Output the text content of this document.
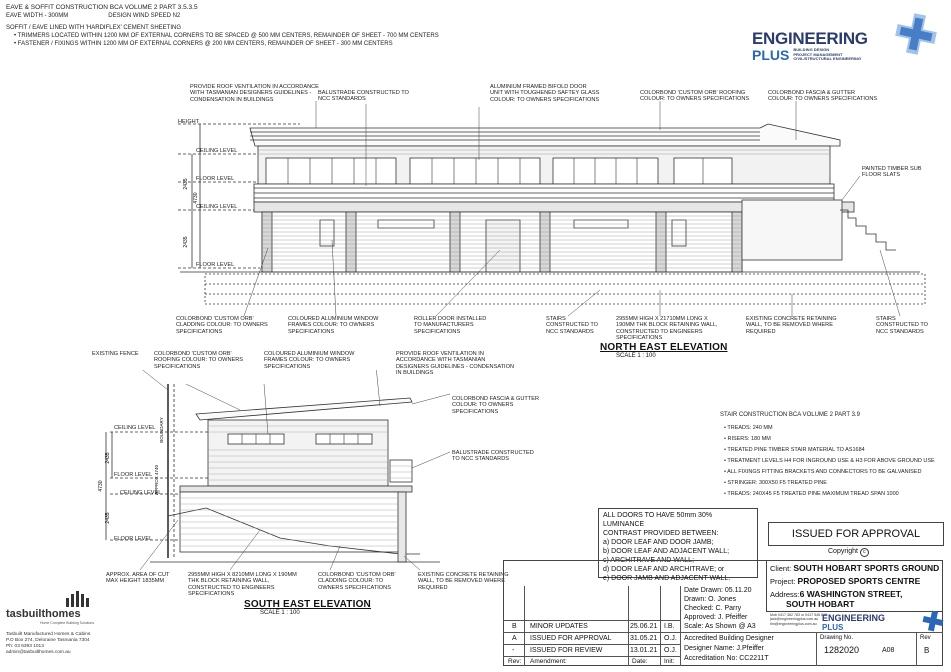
EAVE & SOFFIT CONSTRUCTION BCA VOLUME 2 PART 3.5.3.5
EAVE WIDTH - 300MM	DESIGN WIND SPEED N2
SOFFIT / EAVE LINED WITH 'HARDIFLEX' CEMENT SHEETING
• TRIMMERS LOCATED WITHIN 1200 MM OF EXTERNAL CORNERS TO BE SPACED @ 500 MM CENTERS, REMAINDER OF SHEET - 700 MM CENTERS
• FASTENER / FIXINGS WITHIN 1200 MM OF EXTERNAL CORNERS @ 200 MM CENTERS, REMAINDER OF SHEET - 300 MM CENTERS	ENGINEERING
PLUS BUILDING DESIGN
PROJECT MANAGEMENT
CIVIL/STRUCTURAL ENGINEERING
2435
4730
2435
HEIGHT
CEILING LEVEL
FLOOR LEVEL
CEILING LEVEL
FLOOR LEVEL
PROVIDE ROOF VENTILATION IN ACCORDANCE WITH TASMANIAN DESIGNERS GUIDELINES - CONDENSATION IN BUILDINGS
BALUSTRADE CONSTRUCTED TO NCC STANDARDS
ALUMINIUM FRAMED BIFOLD DOOR UNIT WITH TOUGHENED SAFTEY GLASS COLOUR: TO OWNERS SPECIFICATIONS
COLORBOND 'CUSTOM ORB' ROOFING COLOUR: TO OWNERS SPECIFICATIONS
COLORBOND FASCIA & GUTTER COLOUR: TO OWNERS SPECIFICATIONS
PAINTED TIMBER SUB FLOOR SLATS
COLORBOND 'CUSTOM ORB' CLADDING COLOUR: TO OWNERS SPECIFICATIONS
COLOURED ALUMINIUM WINDOW FRAMES COLOUR: TO OWNERS SPECIFICATIONS
ROLLER DOOR INSTALLED TO MANUFACTURERS SPECIFICATIONS
STAIRS CONSTRUCTED TO NCC STANDARDS
2955MM HIGH X 21710MM LONG X 190MM THK BLOCK RETAINING WALL, CONSTRUCTED TO ENGINEERS SPECIFICATIONS
EXISTING CONCRETE RETAINING WALL, TO BE REMOVED WHERE REQUIRED
STAIRS CONSTRUCTED TO NCC STANDARDS
NORTH EAST ELEVATION
SCALE 1 : 100
4730
2435
2435
BOUNDARY
APPROX 4740
CEILING LEVEL
FLOOR LEVEL
CEILING LEVEL
FLOOR LEVEL
EXISTING FENCE	COLORBOND 'CUSTOM ORB' ROOFING COLOUR: TO OWNERS SPECIFICATIONS
COLOURED ALUMINIUM WINDOW FRAMES COLOUR: TO OWNERS SPECIFICATIONS
PROVIDE ROOF VENTILATION IN ACCORDANCE WITH TASMANIAN DESIGNERS GUIDELINES - CONDENSATION IN BUILDINGS
COLORBOND FASCIA & GUTTER COLOUR: TO OWNERS SPECIFICATIONS
BALUSTRADE CONSTRUCTED TO NCC STANDARDS
APPROX. AREA OF CUT MAX HEIGHT 1835MM
2955MM HIGH X 8210MM LONG X 190MM THK BLOCK RETAINING WALL, CONSTRUCTED TO ENGINEERS SPECIFICATIONS
COLORBOND 'CUSTOM ORB' CLADDING COLOUR: TO OWNERS SPECIFICATIONS
EXISTING CONCRETE RETAINING WALL, TO BE REMOVED WHERE REQUIRED
SOUTH EAST ELEVATION
SCALE 1 : 100
STAIR CONSTRUCTION BCA VOLUME 2 PART 3.9
• TREADS: 240 MM
• RISERS: 180 MM
• TREATED PINE TIMBER STAIR MATERIAL TO AS1684
• TREATMENT LEVELS H4 FOR INGROUND USE & H3 FOR ABOVE GROUND USE
• ALL FIXINGS FITTING BRACKETS AND CONNECTORS TO BE GALVANISED
• STRINGER: 300X50 F5 TREATED PINE
• TREADS: 240X45 F5 TREATED PINE MAXIMUM TREAD SPAN 1000
ALL DOORS TO HAVE 50mm 30% LUMINANCE
CONTRAST PROVIDED BETWEEN:
a) DOOR LEAF AND DOOR JAMB;
b) DOOR LEAF AND ADJACENT WALL;
c) ARCHITRAVE AND WALL;
d) DOOR LEAF AND ARCHITRAVE; or
e) DOOR JAMB AND ADJACENT WALL.
ISSUED FOR APPROVAL
Copyright c
Client: SOUTH HOBART SPORTS GROUND
Project: PROPOSED SPORTS CENTRE
Address:6 WASHINGTON STREET,
SOUTH HOBART
Date Drawn: 05.11.20
Drawn: O. Jones
Checked: C. Parry
Approved: J. Pfeiffer
Scale: As Shown @ A3
Accredited Building Designer
Designer Name: J.Pfeiffer
Accreditation No: CC2211T
Mob 0417 362 783 or 0417 546 815
jack@engineeringplus.com.au
tim@engineeringplus.com.au
ENGINEERING
PLUS
Drawing No.
1282020	A08
Rev
B
B MINOR UPDATES	25.06.21 I.B.
A ISSUED FOR APPROVAL	31.05.21 O.J.
- ISSUED FOR REVIEW	13.01.21 O.J.
Rev: Amendment:	Date:	Init:
tasbuilthomes
Home Complete Building Solutions
Tasbuilt Manufactured Homes & Cabins
P.O Box 274, Deloraine Tasmania 7304
Ph: 03 6393 1013
admin@tasbuilthomes.com.au
